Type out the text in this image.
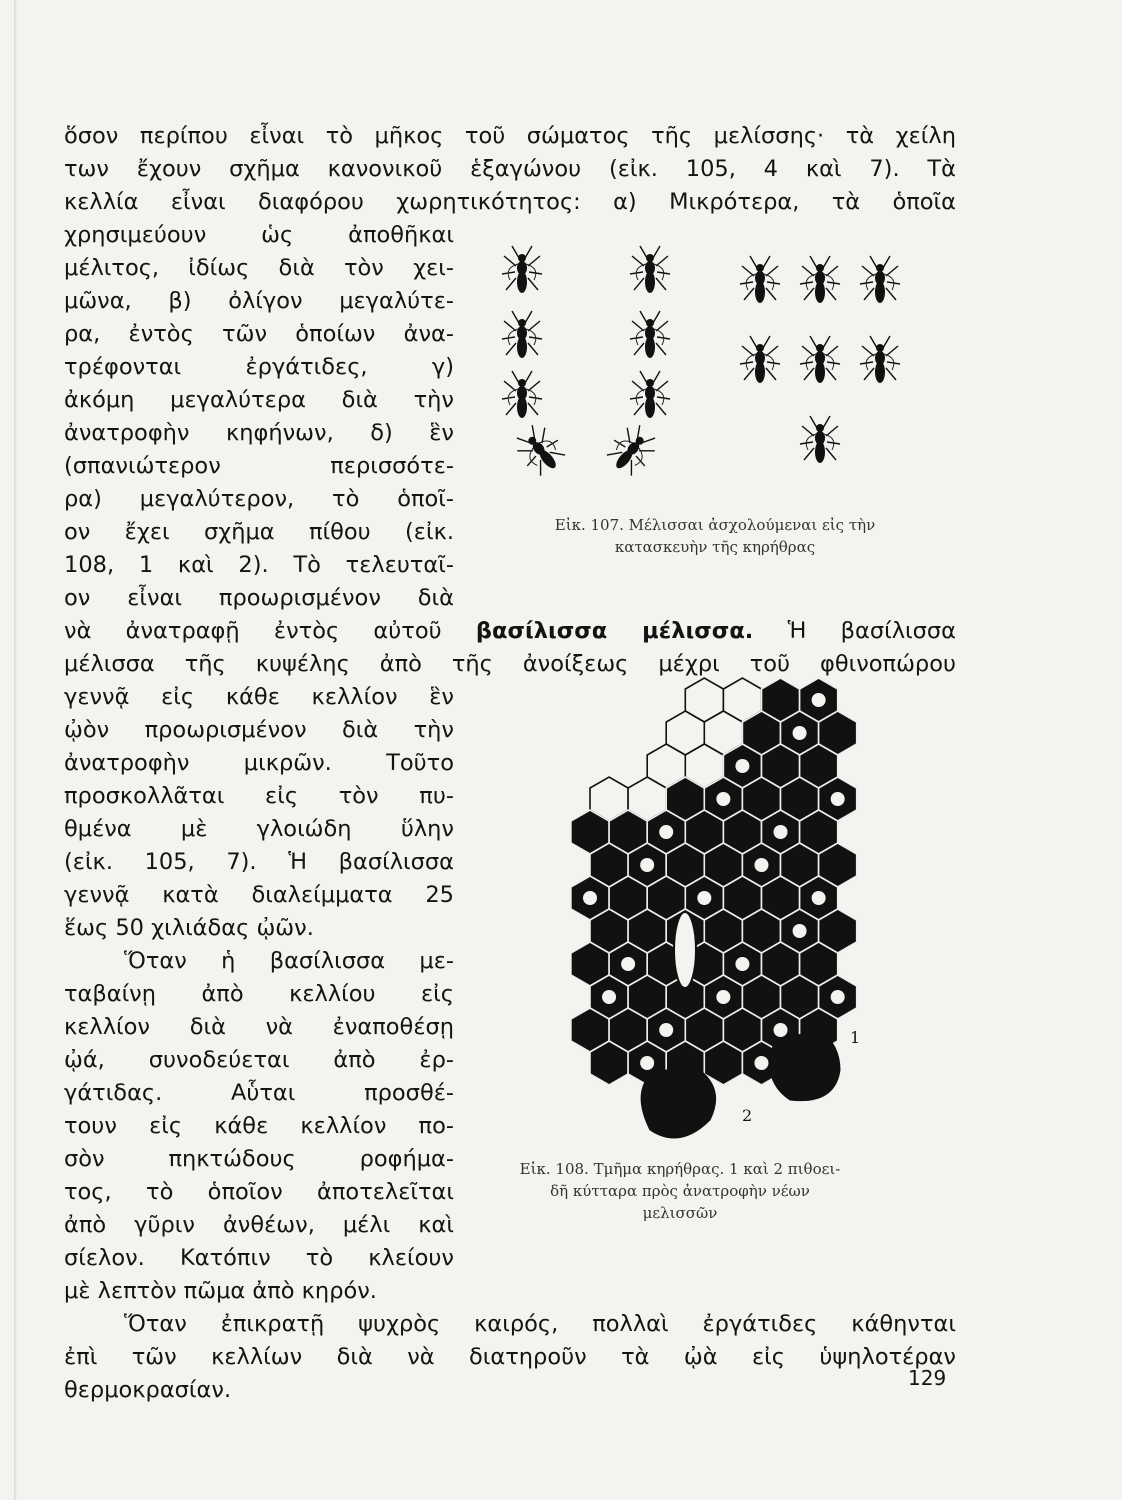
ὅσον περίπου εἶναι τὸ μῆκος τοῦ σώματος τῆς μελίσσης· τὰ χείλη
των ἔχουν σχῆμα κανονικοῦ ἑξαγώνου (εἰκ. 105, 4 καὶ 7). Τὰ
κελλία εἶναι διαφόρου χωρητικότητος: α) Μικρότερα, τὰ ὁποῖα
χρησιμεύουν ὡς ἀποθῆκαι
μέλιτος, ἰδίως διὰ τὸν χει-
μῶνα, β) ὀλίγον μεγαλύτε-
ρα, ἐντὸς τῶν ὁποίων ἀνα-
τρέφονται ἐργάτιδες, γ)
ἀκόμη μεγαλύτερα διὰ τὴν
ἀνατροφὴν κηφήνων, δ) ἓν
(σπανιώτερον περισσότε-
ρα) μεγαλύτερον, τὸ ὁποῖ-
ον ἔχει σχῆμα πίθου (εἰκ.
108, 1 καὶ 2). Τὸ τελευταῖ-
ον εἶναι προωρισμένον διὰ
νὰ ἀνατραφῇ ἐντὸς αὐτοῦ βασίλισσα μέλισσα. Ἡ βασίλισσα
μέλισσα τῆς κυψέλης ἀπὸ τῆς ἀνοίξεως μέχρι τοῦ φθινοπώρου
γεννᾷ εἰς κάθε κελλίον ἓν
ᾠὸν προωρισμένον διὰ τὴν
ἀνατροφὴν μικρῶν. Τοῦτο
προσκολλᾶται εἰς τὸν πυ-
θμένα μὲ γλοιώδη ὕλην
(εἰκ. 105, 7). Ἡ βασίλισσα
γεννᾷ κατὰ διαλείμματα 25
ἕως 50 χιλιάδας ᾠῶν.
Ὅταν ἡ βασίλισσα με-
ταβαίνῃ ἀπὸ κελλίου εἰς
κελλίον διὰ νὰ ἐναποθέσῃ
ᾠά, συνοδεύεται ἀπὸ ἐρ-
γάτιδας. Αὗται προσθέ-
τουν εἰς κάθε κελλίον πο-
σὸν πηκτώδους ροφήμα-
τος, τὸ ὁποῖον ἀποτελεῖται
ἀπὸ γῦριν ἀνθέων, μέλι καὶ
σίελον. Κατόπιν τὸ κλείουν
μὲ λεπτὸν πῶμα ἀπὸ κηρόν.
Ὅταν ἐπικρατῇ ψυχρὸς καιρός, πολλαὶ ἐργάτιδες κάθηνται
ἐπὶ τῶν κελλίων διὰ νὰ διατηροῦν τὰ ᾠὰ εἰς ὑψηλοτέραν
θερμοκρασίαν.
Εἰκ. 107. Μέλισσαι ἀσχολούμεναι εἰς τὴν
κατασκευὴν τῆς κηρήθρας
1
2
Εἰκ. 108. Τμῆμα κηρήθρας. 1 καὶ 2 πιθοει-
δῆ κύτταρα πρὸς ἀνατροφὴν νέων
μελισσῶν
129
